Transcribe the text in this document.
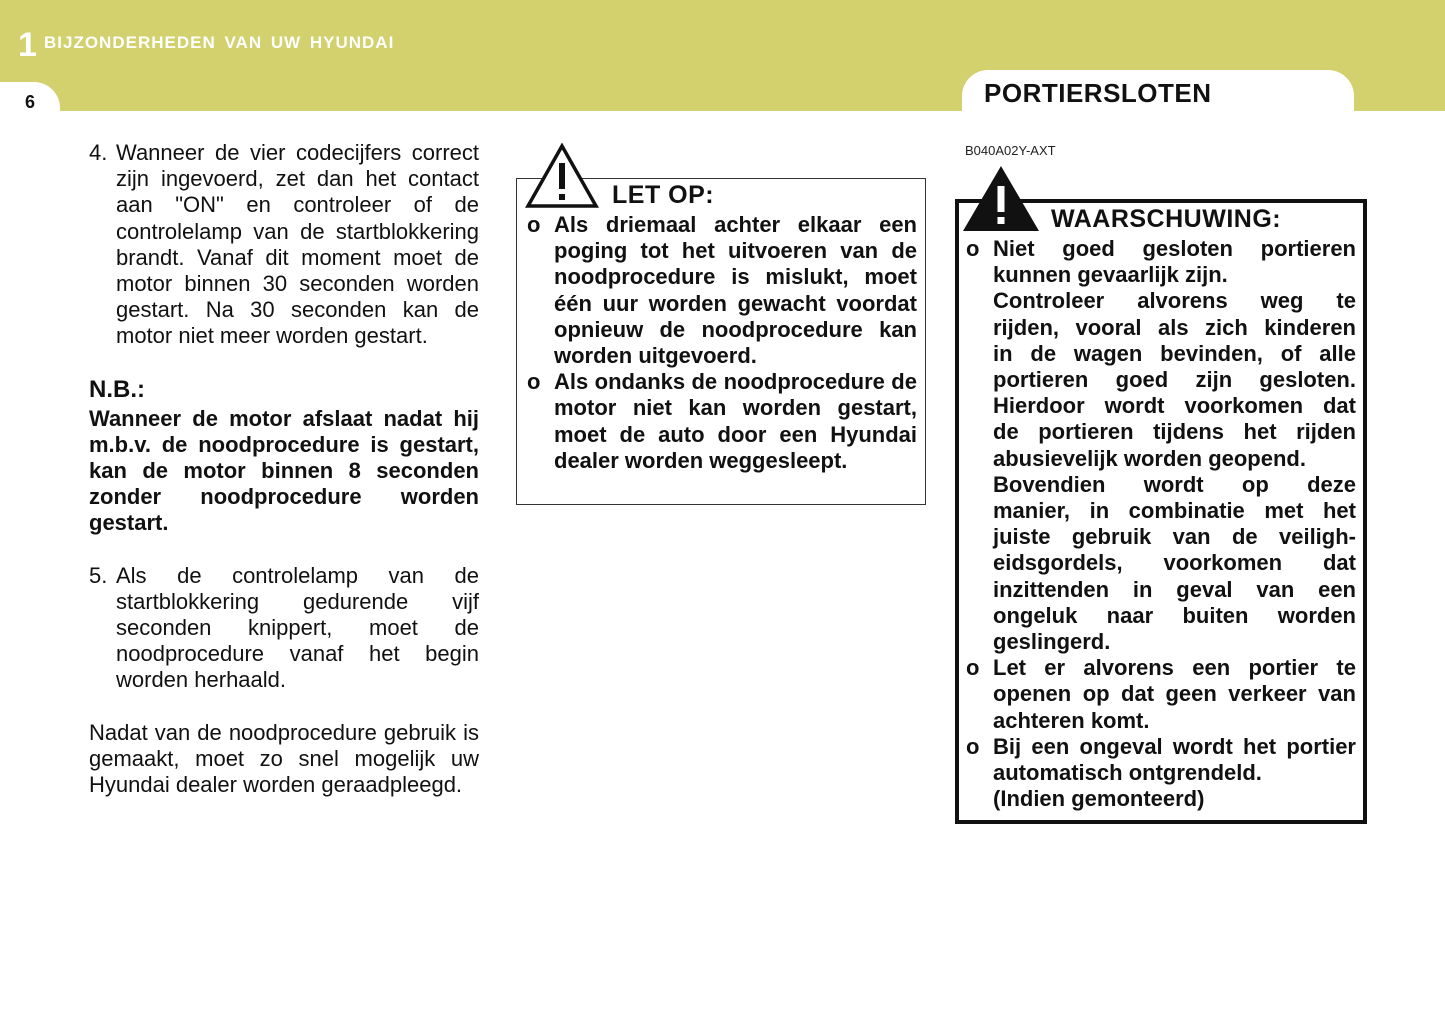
1 BIJZONDERHEDEN VAN UW HYUNDAI
6	PORTIERSLOTEN
4. Wanneer de vier codecijfers correct zijn ingevoerd, zet dan het contact aan "ON" en controleer of de controlelamp van de startblokkering brandt. Vanaf dit moment moet de motor binnen 30 seconden worden gestart. Na 30 seconden kan de motor niet meer worden gestart.
N.B.:
Wanneer de motor afslaat nadat hij m.b.v. de noodprocedure is gestart, kan de motor binnen 8 seconden zonder noodprocedure worden gestart.
5. Als de controlelamp van de startblokkering gedurende vijf seconden knippert, moet de noodprocedure vanaf het begin worden herhaald.
Nadat van de noodprocedure gebruik is gemaakt, moet zo snel mogelijk uw Hyundai dealer worden geraadpleegd.
LET OP:
o Als driemaal achter elkaar een poging tot het uitvoeren van de noodprocedure is mislukt, moet één uur worden gewacht voordat opnieuw de noodprocedure kan worden uitgevoerd.
o Als ondanks de noodprocedure de motor niet kan worden gestart, moet de auto door een Hyundai dealer worden weggesleept.
B040A02Y-AXT
WAARSCHUWING:
o Niet goed gesloten portieren
kunnen gevaarlijk zijn.
Controleer alvorens weg te
rijden, vooral als zich kinderen
in de wagen bevinden, of alle
portieren goed zijn gesloten.
Hierdoor wordt voorkomen dat
de portieren tijdens het rijden
abusievelijk worden geopend.
Bovendien wordt op deze
manier, in combinatie met het
juiste gebruik van de veiligh-
eidsgordels, voorkomen dat
inzittenden in geval van een
ongeluk naar buiten worden
geslingerd.
o Let er alvorens een portier te
openen op dat geen verkeer van
achteren komt.
o Bij een ongeval wordt het portier
automatisch ontgrendeld.
(Indien gemonteerd)
